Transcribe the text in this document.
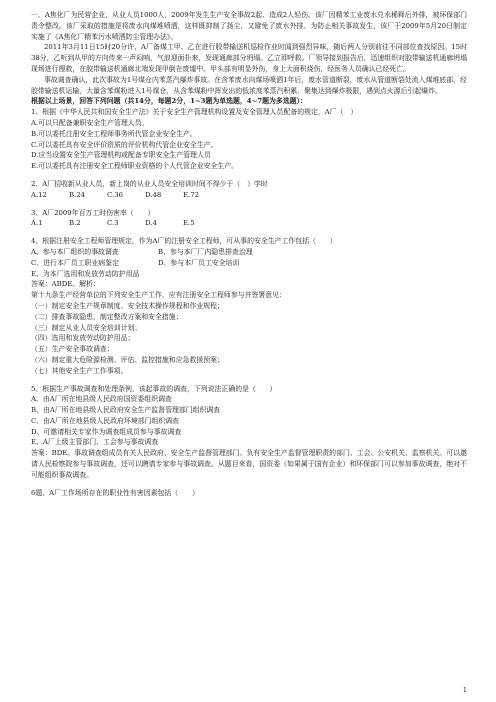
一、A焦化厂为民营企业，从业人员1000人，2009年发生生产安全事故2起、造成2人轻伤。该厂因精苯工业废水兑水稀释后外排，被环保部门责令整改。该厂采取的措施是将废水向煤堆喷洒，这样既抑制了扬尘，又避免了废水外排。为防止相关事故发生，该厂于2009年5月20日制定实施了《A焦化厂精苯污水喷洒防尘管理办法》。

2011年3月11日15时20分许，A厂备煤工甲、乙在进行胶带输送机巡检作业时闻到强烈异味，随后两人分别前往不同部位查找原因。15时38分，乙听到从甲的方向传来一声闷响，气浪迎面扑来，发现通廊部分坍塌。乙立即呼救。厂领导接到报告后，迅速组织对胶带输送机通廊坍塌现场进行搜救，在胶带输送机通廊北端发现甲倒在废墟中。甲头部有明显外伤，身上大面积烧伤，经医务人员确认已经死亡。

事故调查确认，此次事故为1号煤仓内苯蒸汽爆炸事故。在含苯废水向煤场喷洒1年后，废水管道断裂，废水从管道断裂处流入煤堆底部，经胶带输送机运输，大量含苯煤粉进入1号煤仓，从含苯煤粉中挥发出的低浓度苯蒸汽积累、聚集达到爆炸极限，遇到点火源后引起爆炸。

根据以上场景，回答下列问题（共14分，每题2分，1~3题为单选题，4~7题为多选题）：

1、根据《中华人民共和国安全生产法》关于安全生产管理机构设置及安全管理人员配备的规定，A厂（　）

A.可以只配备兼职安全生产管理人员。

B.可以委托注册安全工程师事务所代管企业安全生产。

C.可以委托具有安全评价资质的评价机构代管企业安全生产。

D.应当设置安全生产管理机构或配备专职安全生产管理人员

E.可以委托具有注册安全工程师职业资格的个人代管企业安全生产。

2、A厂招收新从业人员，新上岗的从业人员安全培训时间不得少于（　）学时

A.12	B.24	C.36	D.48	E.72

3、A厂2009年百万工时伤害率（　　）

A.1	B.2	C.3	D.4	E.5

4、根据注册安全工程师管理规定，作为A厂的注册安全工程师，可从事的安全生产工作包括（　　）

A、参与本厂组织的事故调查	B、参与本厂厂内隐患排查治理
C、进行本厂员工职业病鉴定	D、参与本厂员工安全培训

E、为本厂选用和发放劳动防护用品

答案：ABDE。解析：

第十九条生产经营单位的下列安全生产工作，应有注册安全工程师参与并签署意见：

（一）制定安全生产规章制度、安全技术操作规程和作业规程；

（二）排查事故隐患，制定整改方案和安全措施；

（三）制定从业人员安全培训计划；

（四）选用和发放劳动防护用品；

（五）生产安全事故调查；

（六）制定重大危险源检测、评估、监控措施和应急救援预案；

（七）其他安全生产工作事项。

5、根据生产事故调查和处理条例，该起事故的调查，下列说法正确的是（　　）

A、由A厂所在地县级人民政府国资委组织调查

B、由A厂所在地县级人民政府安全生产监督管理部门组织调查

C、由A厂所在地县级人民政府环境部门组织调查

D、可邀请相关专家作为调查组成员参与事故调查

E、A厂上级主管部门、工会参与事故调查

答案：BDE。事故调查组成员有关人民政府、安全生产监督管理部门、负有安全生产监督管理职责的部门、工会、公安机关、监察机关。可以邀请人民检察院参与事故调查，还可以聘请专家参与事故调查。从题目来看，国资委（如果属于国有企业）和环保部门可以参加事故调查，绝对不可能组织事故调查。

6题、A厂工作场所存在的职业性有害因素包括（　　）

1
